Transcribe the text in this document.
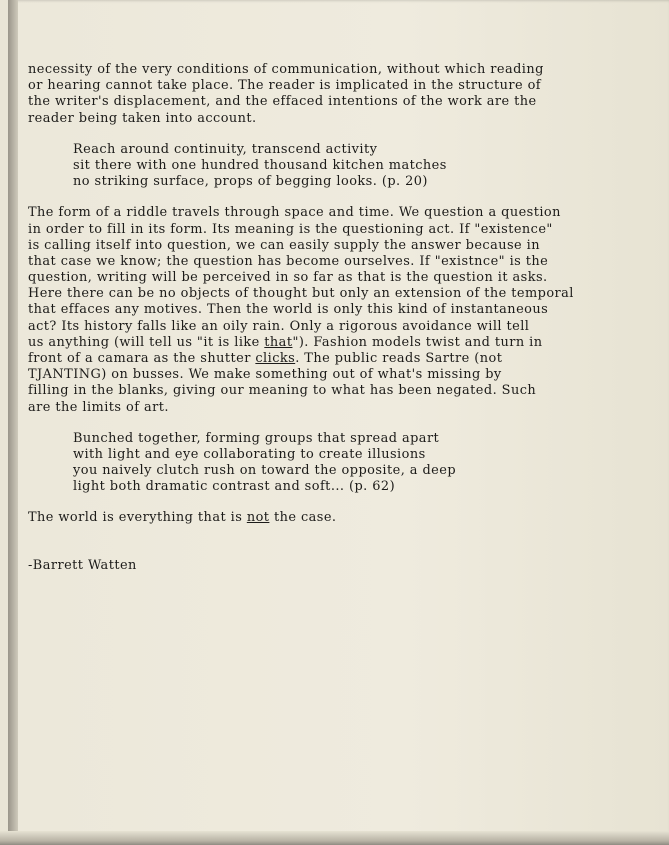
necessity of the very conditions of communication, without which reading
or hearing cannot take place. The reader is implicated in the structure of
the writer's displacement, and the effaced intentions of the work are the
reader being taken into account.
Reach around continuity, transcend activity
sit there with one hundred thousand kitchen matches
no striking surface, props of begging looks. (p. 20)
The form of a riddle travels through space and time. We question a question
in order to fill in its form. Its meaning is the questioning act. If "existence"
is calling itself into question, we can easily supply the answer because in
that case we know; the question has become ourselves. If "existnce" is the
question, writing will be perceived in so far as that is the question it asks.
Here there can be no objects of thought but only an extension of the temporal
that effaces any motives. Then the world is only this kind of instantaneous
act? Its history falls like an oily rain. Only a rigorous avoidance will tell
us anything (will tell us "it is like that"). Fashion models twist and turn in
front of a camara as the shutter clicks. The public reads Sartre (not
TJANTING) on busses. We make something out of what's missing by
filling in the blanks, giving our meaning to what has been negated. Such
are the limits of art.
Bunched together, forming groups that spread apart
with light and eye collaborating to create illusions
you naively clutch rush on toward the opposite, a deep
light both dramatic contrast and soft... (p. 62)
The world is everything that is not the case.
-Barrett Watten
